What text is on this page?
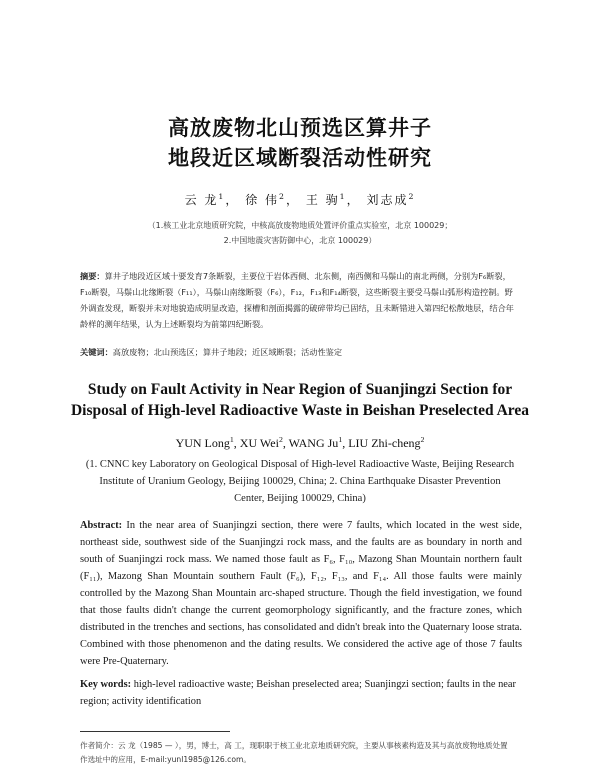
高放废物北山预选区算井子
地段近区域断裂活动性研究
云 龙$^1$， 徐 伟$^2$， 王 驹$^1$， 刘志成$^2$
（1.核工业北京地质研究院，中核高放废物地质处置评价重点实验室，北京 100029；
2.中国地震灾害防御中心，北京 100029）
摘要：算井子地段近区域十要发育7条断裂，主要位于岩体西侧、北东侧，南西侧和马鬃山的南北两侧，分别为F₆断裂，F₁₀断裂，马鬃山北缘断裂（F₁₁），马鬃山南缘断裂（F₆），F₁₂，F₁₃和F₁₄断裂，这些断裂主要受马鬃山弧形构造控制。野外调查发现，断裂并未对地貌造成明显改造，探槽和剖面揭露的破碎带均已固结，且未断错进入第四纪松散地层，结合年龄样的测年结果，认为上述断裂均为前第四纪断裂。
关键词：高放废物；北山预选区；算井子地段；近区域断裂；活动性鉴定
Study on Fault Activity in Near Region of Suanjingzi Section for
Disposal of High-level Radioactive Waste in Beishan Preselected Area
YUN Long$^1$, XU Wei$^2$, WANG Ju$^1$, LIU Zhi-cheng$^2$
(1. CNNC key Laboratory on Geological Disposal of High-level Radioactive Waste, Beijing Research Institute of Uranium Geology, Beijing 100029, China; 2. China Earthquake Disaster Prevention Center, Beijing 100029, China)
Abstract: In the near area of Suanjingzi section, there were 7 faults, which located in the west side, northeast side, southwest side of the Suanjingzi rock mass, and the faults are as boundary in north and south of Suanjingzi rock mass. We named those fault as F₆, F₁₀, Mazong Shan Mountain northern fault (F₁₁), Mazong Shan Mountain southern Fault (F₆), F₁₂, F₁₃, and F₁₄. All those faults were mainly controlled by the Mazong Shan Mountain arc-shaped structure. Though the field investigation, we found that those faults didn't change the current geomorphology significantly, and the fracture zones, which distributed in the trenches and sections, has consolidated and didn't break into the Quaternary loose strata. Combined with those phenomenon and the dating results. We considered the active age of those 7 faults were Pre-Quaternary.
Key words: high-level radioactive waste; Beishan preselected area; Suanjingzi section; faults in the near region; activity identification
作者简介：云 龙（1985 — ），男，博士，高 工，现职职于核工业北京地质研究院，主要从事核素构造及其与高放废物地质处置
作选址中的应用，E-mail:yunl1985@126.com。
